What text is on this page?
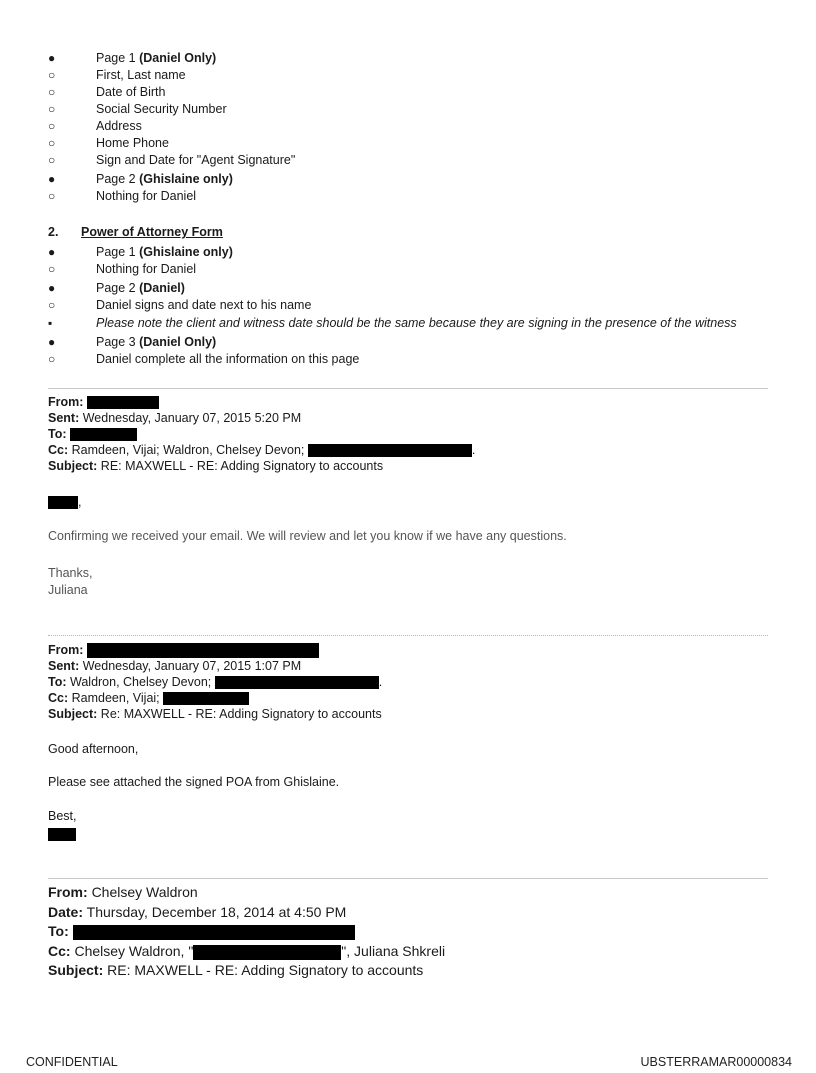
●	Page 1 (Daniel Only)
○	First, Last name
○	Date of Birth
○	Social Security Number
○	Address
○	Home Phone
○	Sign and Date for "Agent Signature"
●	Page 2 (Ghislaine only)
○	Nothing for Daniel
2. Power of Attorney Form
●	Page 1 (Ghislaine only)
○	Nothing for Daniel
●	Page 2 (Daniel)
○	Daniel signs and date next to his name
▪	Please note the client and witness date should be the same because they are signing in the presence of the witness
●	Page 3 (Daniel Only)
○	Daniel complete all the information on this page
From:
Sent: Wednesday, January 07, 2015 5:20 PM
To:
Cc: Ramdeen, Vijai; Waldron, Chelsey Devon;	.
Subject: RE: MAXWELL - RE: Adding Signatory to accounts
,
Confirming we received your email. We will review and let you know if we have any questions.
Thanks,
Juliana
From:
Sent: Wednesday, January 07, 2015 1:07 PM
To: Waldron, Chelsey Devon;	.
Cc: Ramdeen, Vijai;
Subject: Re: MAXWELL - RE: Adding Signatory to accounts
Good afternoon,
Please see attached the signed POA from Ghislaine.
Best,
From: Chelsey Waldron
Date: Thursday, December 18, 2014 at 4:50 PM
To:
Cc: Chelsey Waldron, "	", Juliana Shkreli
Subject: RE: MAXWELL - RE: Adding Signatory to accounts
CONFIDENTIAL	UBSTERRAMAR00000834
